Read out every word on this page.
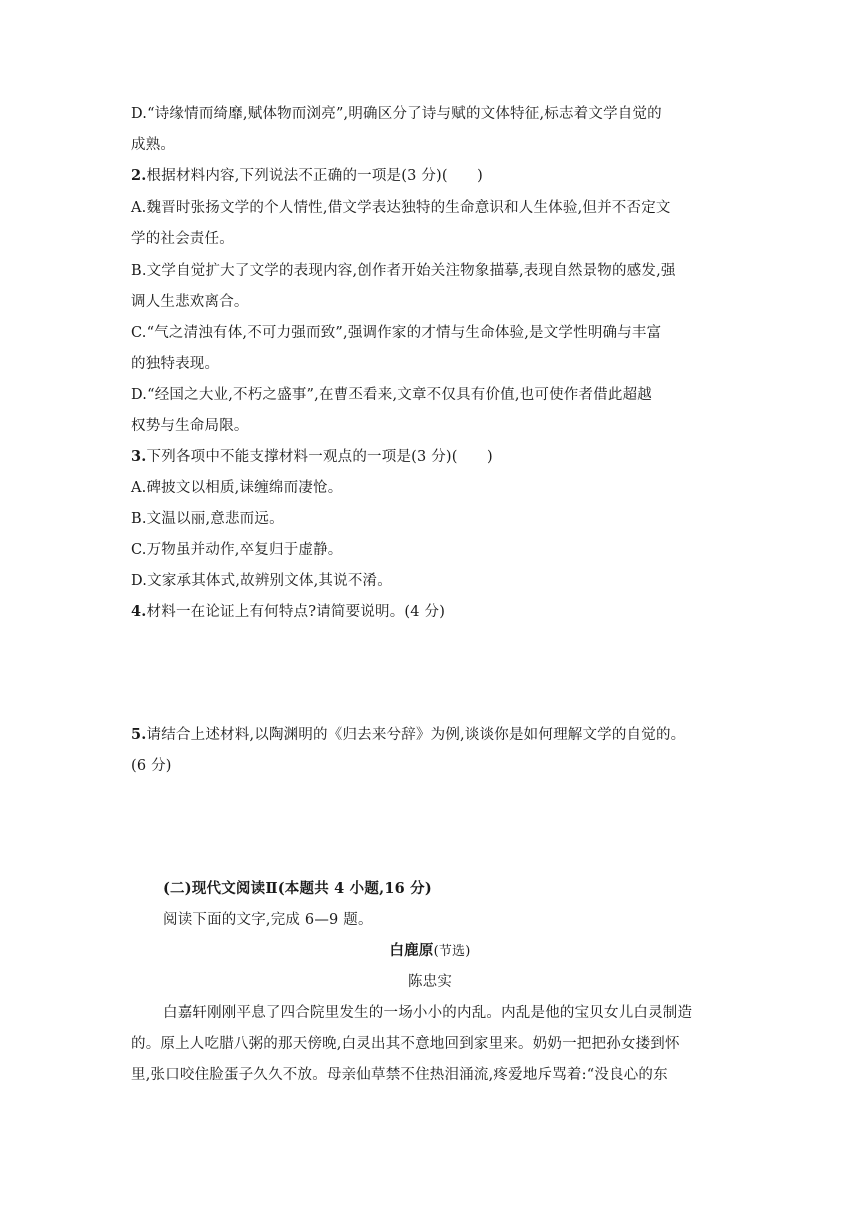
D.“诗缘情而绮靡,赋体物而浏亮”,明确区分了诗与赋的文体特征,标志着文学自觉的
成熟。
2.根据材料内容,下列说法不正确的一项是(3 分)(　　)
A.魏晋时张扬文学的个人情性,借文学表达独特的生命意识和人生体验,但并不否定文
学的社会责任。
B.文学自觉扩大了文学的表现内容,创作者开始关注物象描摹,表现自然景物的感发,强
调人生悲欢离合。
C.“气之清浊有体,不可力强而致”,强调作家的才情与生命体验,是文学性明确与丰富
的独特表现。
D.“经国之大业,不朽之盛事”,在曹丕看来,文章不仅具有价值,也可使作者借此超越
权势与生命局限。
3.下列各项中不能支撑材料一观点的一项是(3 分)(　　)
A.碑披文以相质,诔缠绵而凄怆。
B.文温以丽,意悲而远。
C.万物虽并动作,卒复归于虚静。
D.文家承其体式,故辨别文体,其说不淆。
4.材料一在论证上有何特点?请简要说明。(4 分)
5.请结合上述材料,以陶渊明的《归去来兮辞》为例,谈谈你是如何理解文学的自觉的。
(6 分)
(二)现代文阅读Ⅱ(本题共 4 小题,16 分)
阅读下面的文字,完成 6—9 题。
白鹿原(节选)
陈忠实
白嘉轩刚刚平息了四合院里发生的一场小小的内乱。内乱是他的宝贝女儿白灵制造
的。原上人吃腊八粥的那天傍晚,白灵出其不意地回到家里来。奶奶一把把孙女搂到怀
里,张口咬住脸蛋子久久不放。母亲仙草禁不住热泪涌流,疼爱地斥骂着:“没良心的东
